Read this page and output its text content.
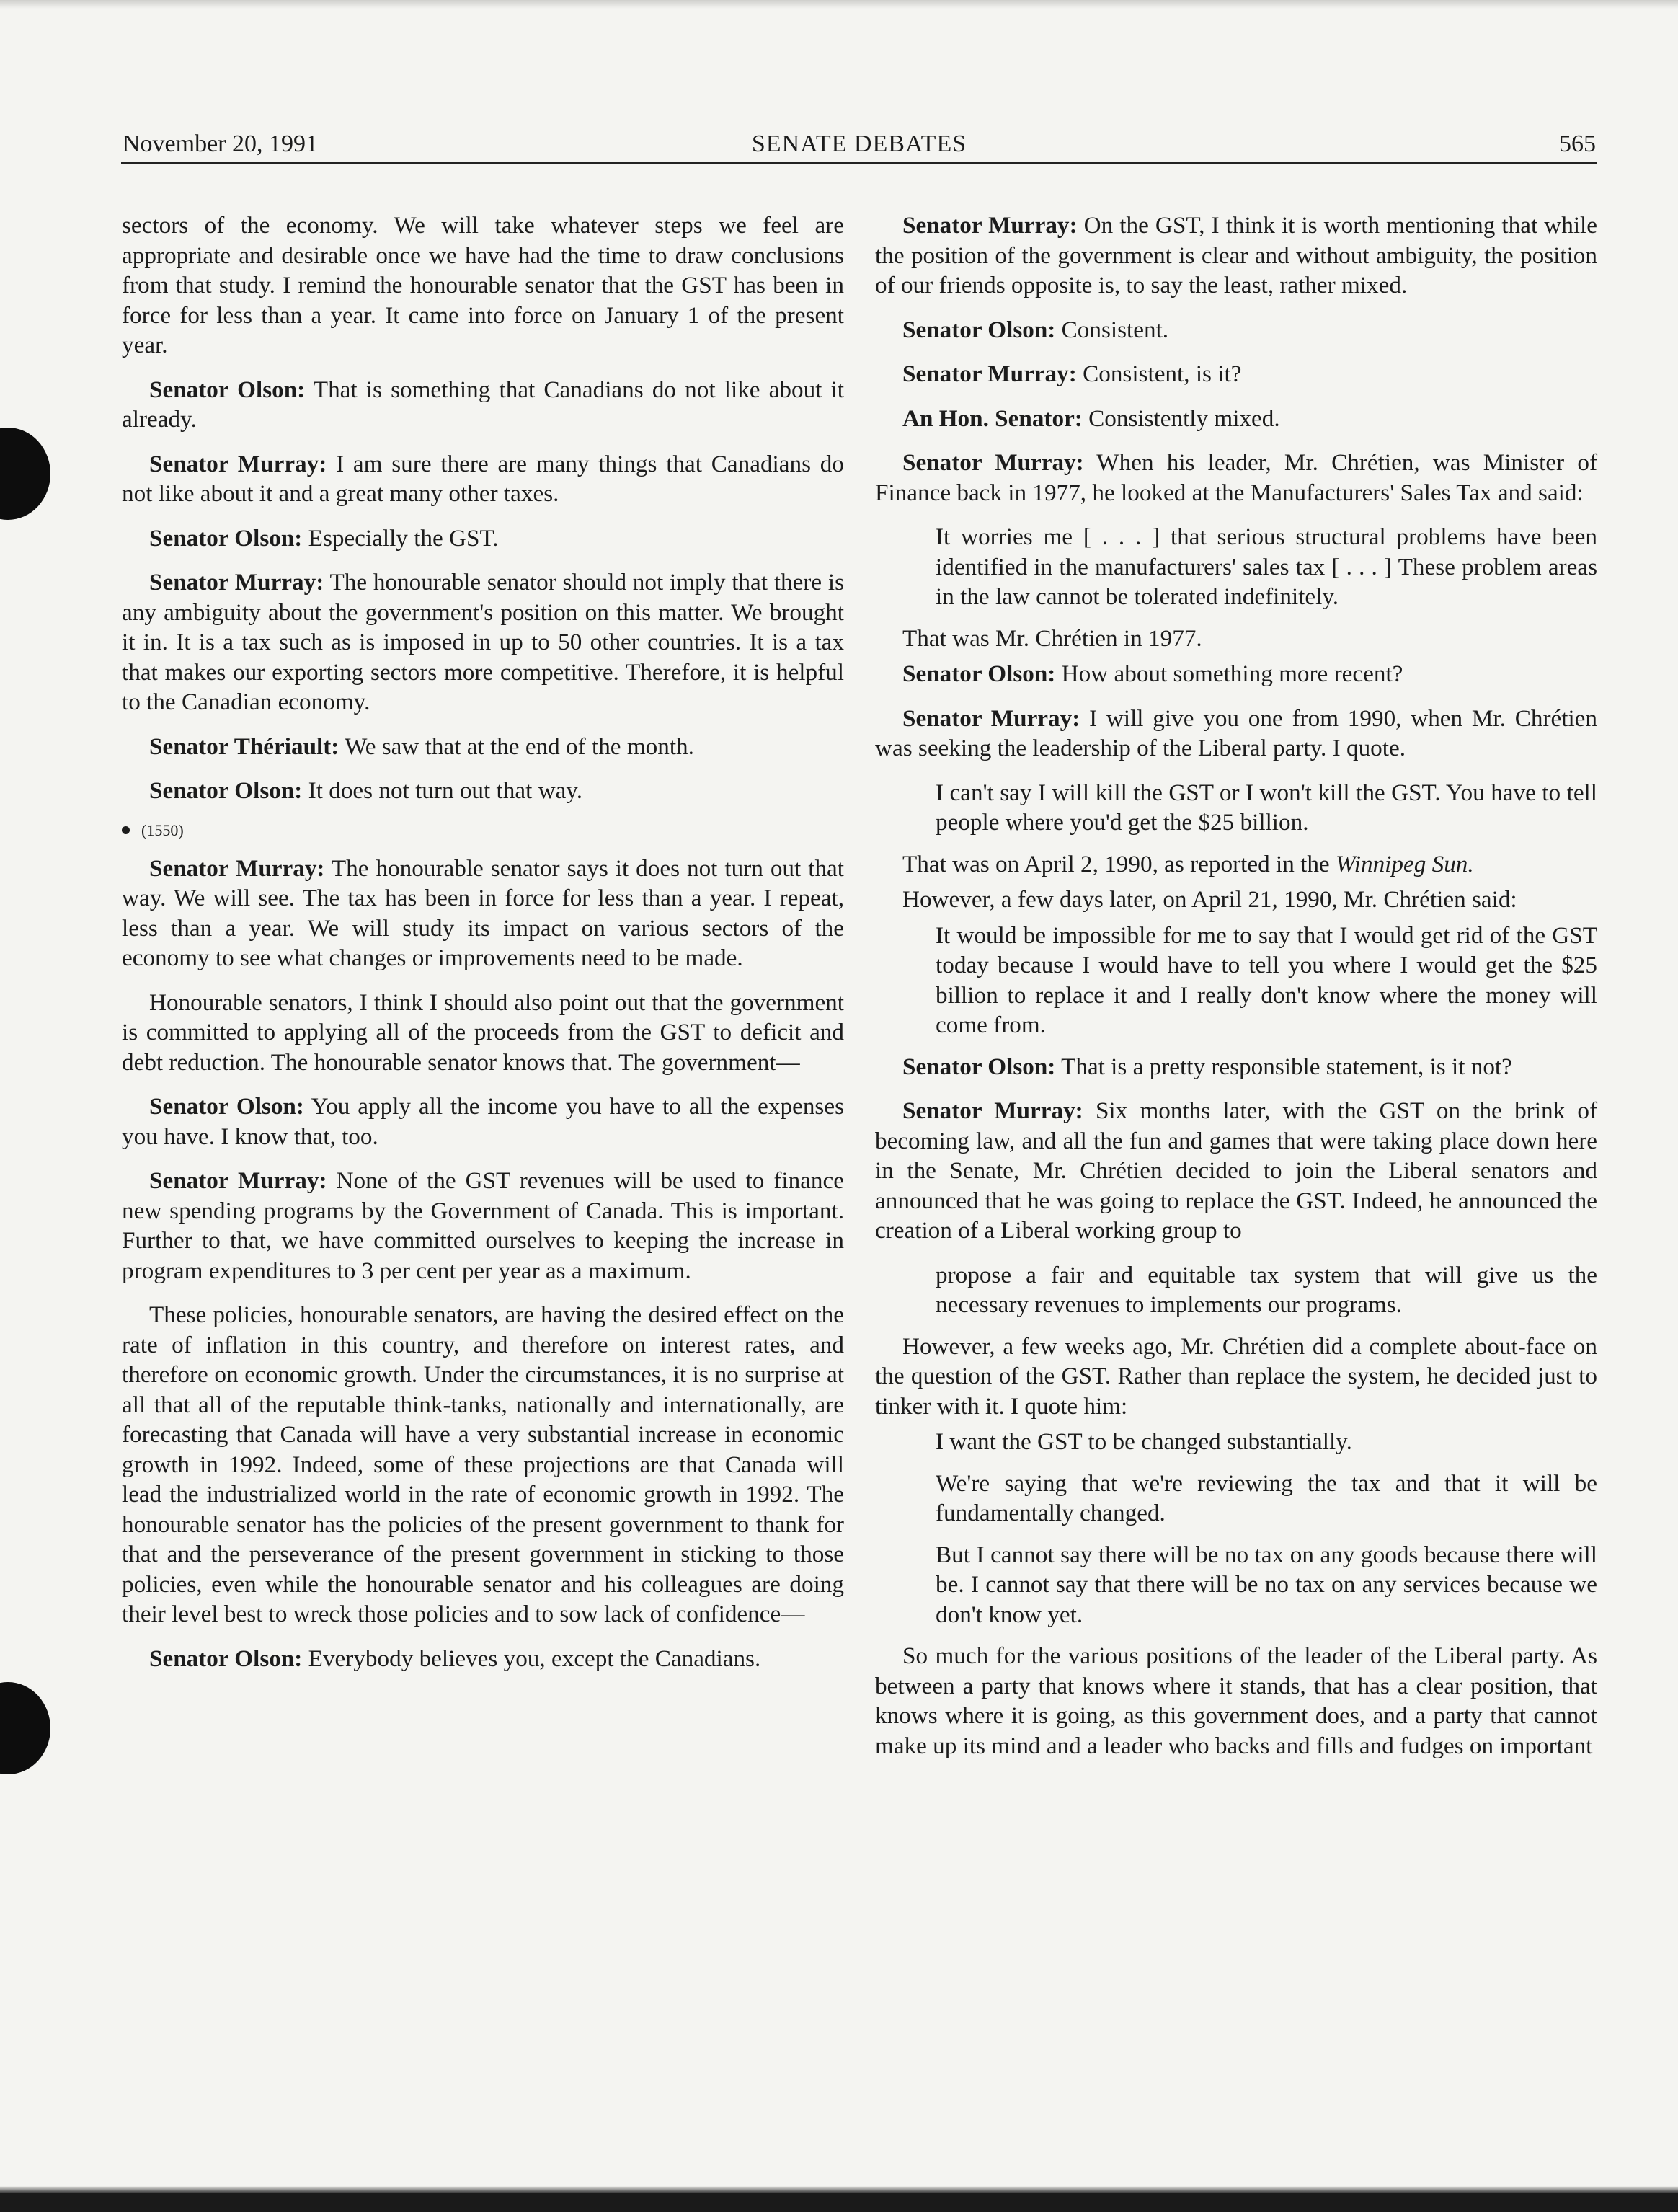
November 20, 1991	SENATE DEBATES	565

sectors of the economy. We will take whatever steps we feel are appropriate and desirable once we have had the time to draw conclusions from that study. I remind the honourable senator that the GST has been in force for less than a year. It came into force on January 1 of the present year.

Senator Olson: That is something that Canadians do not like about it already.

Senator Murray: I am sure there are many things that Canadians do not like about it and a great many other taxes.

Senator Olson: Especially the GST.

Senator Murray: The honourable senator should not imply that there is any ambiguity about the government's position on this matter. We brought it in. It is a tax such as is imposed in up to 50 other countries. It is a tax that makes our exporting sectors more competitive. Therefore, it is helpful to the Canadian economy.

Senator Thériault: We saw that at the end of the month.

Senator Olson: It does not turn out that way.

(1550)

Senator Murray: The honourable senator says it does not turn out that way. We will see. The tax has been in force for less than a year. I repeat, less than a year. We will study its impact on various sectors of the economy to see what changes or improvements need to be made.

Honourable senators, I think I should also point out that the government is committed to applying all of the proceeds from the GST to deficit and debt reduction. The honourable senator knows that. The government—

Senator Olson: You apply all the income you have to all the expenses you have. I know that, too.

Senator Murray: None of the GST revenues will be used to finance new spending programs by the Government of Canada. This is important. Further to that, we have committed ourselves to keeping the increase in program expenditures to 3 per cent per year as a maximum.

These policies, honourable senators, are having the desired effect on the rate of inflation in this country, and therefore on interest rates, and therefore on economic growth. Under the circumstances, it is no surprise at all that all of the reputable think-tanks, nationally and internationally, are forecasting that Canada will have a very substantial increase in economic growth in 1992. Indeed, some of these projections are that Canada will lead the industrialized world in the rate of economic growth in 1992. The honourable senator has the policies of the present government to thank for that and the perseverance of the present government in sticking to those policies, even while the honourable senator and his colleagues are doing their level best to wreck those policies and to sow lack of confidence—

Senator Olson: Everybody believes you, except the Canadians.

Senator Murray: On the GST, I think it is worth mentioning that while the position of the government is clear and without ambiguity, the position of our friends opposite is, to say the least, rather mixed.

Senator Olson: Consistent.

Senator Murray: Consistent, is it?

An Hon. Senator: Consistently mixed.

Senator Murray: When his leader, Mr. Chrétien, was Minister of Finance back in 1977, he looked at the Manufacturers' Sales Tax and said:

It worries me [ . . . ] that serious structural problems have been identified in the manufacturers' sales tax [ . . . ] These problem areas in the law cannot be tolerated indefinitely.

That was Mr. Chrétien in 1977.

Senator Olson: How about something more recent?

Senator Murray: I will give you one from 1990, when Mr. Chrétien was seeking the leadership of the Liberal party. I quote.

I can't say I will kill the GST or I won't kill the GST. You have to tell people where you'd get the $25 billion.

That was on April 2, 1990, as reported in the Winnipeg Sun.

However, a few days later, on April 21, 1990, Mr. Chrétien said:

It would be impossible for me to say that I would get rid of the GST today because I would have to tell you where I would get the $25 billion to replace it and I really don't know where the money will come from.

Senator Olson: That is a pretty responsible statement, is it not?

Senator Murray: Six months later, with the GST on the brink of becoming law, and all the fun and games that were taking place down here in the Senate, Mr. Chrétien decided to join the Liberal senators and announced that he was going to replace the GST. Indeed, he announced the creation of a Liberal working group to

propose a fair and equitable tax system that will give us the necessary revenues to implements our programs.

However, a few weeks ago, Mr. Chrétien did a complete about-face on the question of the GST. Rather than replace the system, he decided just to tinker with it. I quote him:

I want the GST to be changed substantially.

We're saying that we're reviewing the tax and that it will be fundamentally changed.

But I cannot say there will be no tax on any goods because there will be. I cannot say that there will be no tax on any services because we don't know yet.

So much for the various positions of the leader of the Liberal party. As between a party that knows where it stands, that has a clear position, that knows where it is going, as this government does, and a party that cannot make up its mind and a leader who backs and fills and fudges on important
